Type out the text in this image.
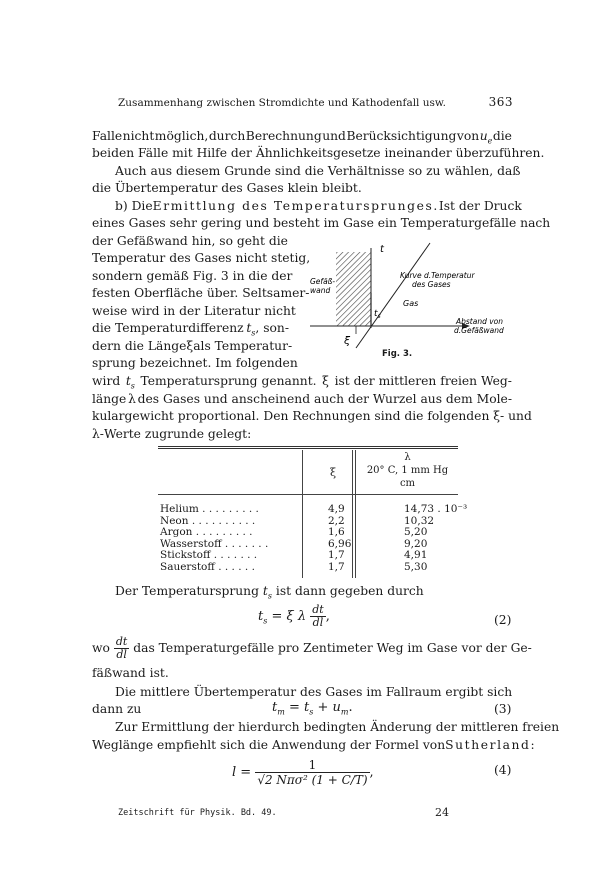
Zusammenhang zwischen Stromdichte und Kathodenfall usw.	363
Falle nicht möglich, durch Berechnung und Berücksichtigung von $u_e$ die
beiden Fälle mit Hilfe der Ähnlichkeitsgesetze ineinander überzuführen.
Auch aus diesem Grunde sind die Verhältnisse so zu wählen, daß
die Übertemperatur des Gases klein bleibt.
b) Die Ermittlung des Temperatursprunges. Ist der Druck
eines Gases sehr gering und besteht im Gase ein Temperaturgefälle nach
der Gefäßwand hin, so geht die
Temperatur des Gases nicht stetig,
sondern gemäß Fig. 3 in die der
festen Oberfläche über. Seltsamer-
weise wird in der Literatur nicht
die Temperaturdifferenz $t_s$, son-
dern die Länge ξ als Temperatur-
sprung bezeichnet. Im folgenden
t
$t_s$
ξ
Gefäß-
wand
Kurve d.Temperatur
des Gases
Gas
Abstand von
d.Gefäßwand
Fig. 3.
wird $t_s$ Temperatursprung genannt. ξ ist der mittleren freien Weg-
länge λ des Gases und anscheinend auch der Wurzel aus dem Mole-
kulargewicht proportional. Den Rechnungen sind die folgenden ξ- und
λ-Werte zugrunde gelegt:
ξ
λ
20° C, 1 mm Hg
cm
Helium . . . . . . . . .	4,9	14,73 . 10⁻³
Neon . . . . . . . . . .	2,2	10,32
Argon . . . . . . . . .	1,6	5,20
Wasserstoff . . . . . . .	6,96	9,20
Stickstoff . . . . . . .	1,7	4,91
Sauerstoff . . . . . .	1,7	5,30
Der Temperatursprung $t_s$ ist dann gegeben durch
$t_s = \xi$ λ $\frac{dt}{dl}$ ,	(2)
wo $\frac{dt}{dl}$ das Temperaturgefälle pro Zentimeter Weg im Gase vor der Ge-
fäßwand ist.
Die mittlere Übertemperatur des Gases im Fallraum ergibt sich
dann zu	$t_m = t_s + u_m$.	(3)
Zur Ermittlung der hierdurch bedingten Änderung der mittleren freien
Weglänge empfiehlt sich die Anwendung der Formel von Sutherland:
$l = \frac{1}{\text{√2 Nπσ² (1 + C/T)}}$ ,	(4)
Zeitschrift für Physik. Bd. 49.	24
